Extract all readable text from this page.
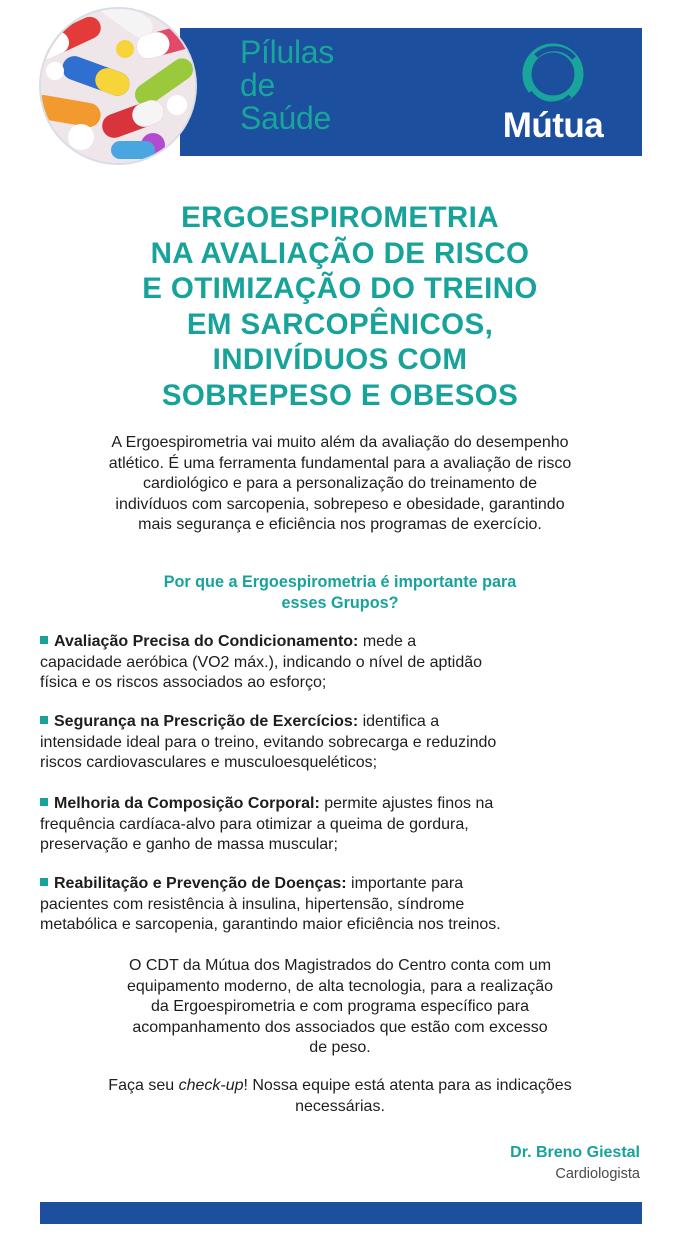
Pílulas
de
Saúde	Mútua
ERGOESPIROMETRIA
NA AVALIAÇÃO DE RISCO
E OTIMIZAÇÃO DO TREINO
EM SARCOPÊNICOS,
INDIVÍDUOS COM
SOBREPESO E OBESOS
A Ergoespirometria vai muito além da avaliação do desempenho
atlético. É uma ferramenta fundamental para a avaliação de risco
cardiológico e para a personalização do treinamento de
indivíduos com sarcopenia, sobrepeso e obesidade, garantindo
mais segurança e eficiência nos programas de exercício.
Por que a Ergoespirometria é importante para
esses Grupos?
Avaliação Precisa do Condicionamento: mede a
capacidade aeróbica (VO2 máx.), indicando o nível de aptidão
física e os riscos associados ao esforço;
Segurança na Prescrição de Exercícios: identifica a
intensidade ideal para o treino, evitando sobrecarga e reduzindo
riscos cardiovasculares e musculoesqueléticos;
Melhoria da Composição Corporal: permite ajustes finos na
frequência cardíaca-alvo para otimizar a queima de gordura,
preservação e ganho de massa muscular;
Reabilitação e Prevenção de Doenças: importante para
pacientes com resistência à insulina, hipertensão, síndrome
metabólica e sarcopenia, garantindo maior eficiência nos treinos.
O CDT da Mútua dos Magistrados do Centro conta com um
equipamento moderno, de alta tecnologia, para a realização
da Ergoespirometria e com programa específico para
acompanhamento dos associados que estão com excesso
de peso.
Faça seu check-up! Nossa equipe está atenta para as indicações
necessárias.
Dr. Breno Giestal
Cardiologista
